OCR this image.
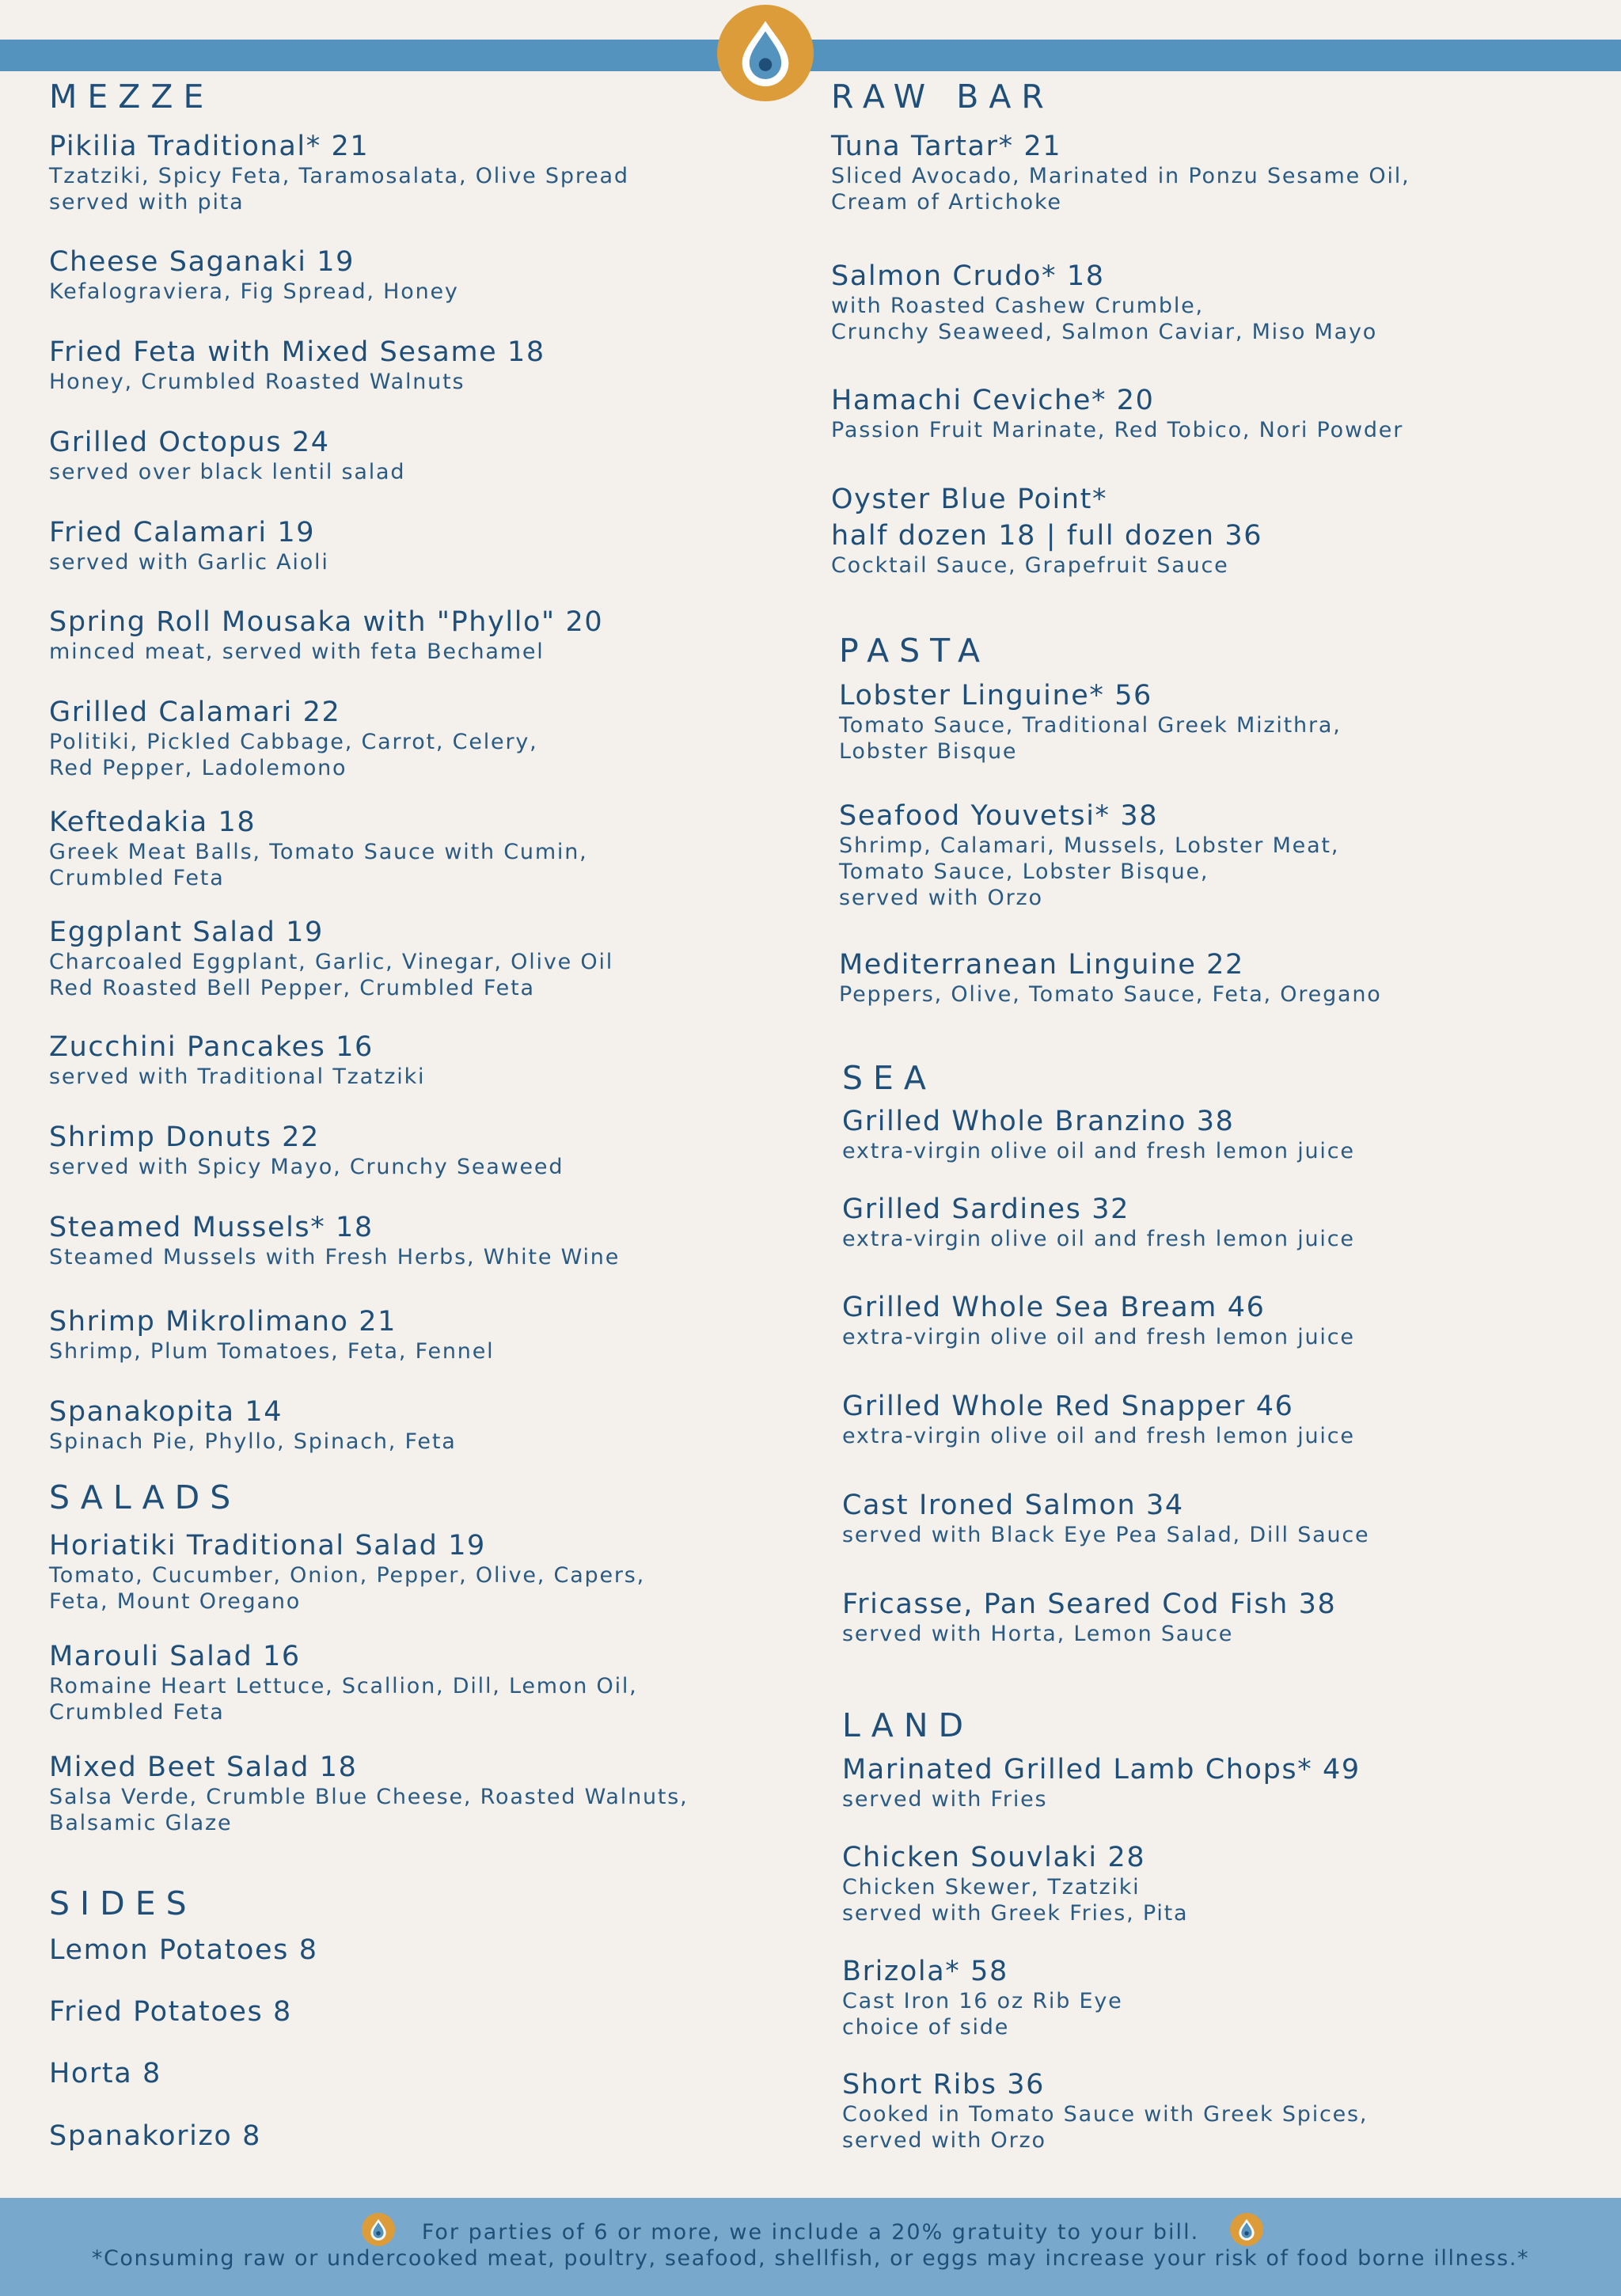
MEZZE
Pikilia Traditional* 21
Tzatziki, Spicy Feta, Taramosalata, Olive Spread
served with pita
Cheese Saganaki 19
Kefalograviera, Fig Spread, Honey
Fried Feta with Mixed Sesame 18
Honey, Crumbled Roasted Walnuts
Grilled Octopus 24
served over black lentil salad
Fried Calamari 19
served with Garlic Aioli
Spring Roll Mousaka with "Phyllo" 20
minced meat, served with feta Bechamel
Grilled Calamari 22
Politiki, Pickled Cabbage, Carrot, Celery,
Red Pepper, Ladolemono
Keftedakia 18
Greek Meat Balls, Tomato Sauce with Cumin,
Crumbled Feta
Eggplant Salad 19
Charcoaled Eggplant, Garlic, Vinegar, Olive Oil
Red Roasted Bell Pepper, Crumbled Feta
Zucchini Pancakes 16
served with Traditional Tzatziki
Shrimp Donuts 22
served with Spicy Mayo, Crunchy Seaweed
Steamed Mussels* 18
Steamed Mussels with Fresh Herbs, White Wine
Shrimp Mikrolimano 21
Shrimp, Plum Tomatoes, Feta, Fennel
Spanakopita 14
Spinach Pie, Phyllo, Spinach, Feta
SALADS
Horiatiki Traditional Salad 19
Tomato, Cucumber, Onion, Pepper, Olive, Capers,
Feta, Mount Oregano
Marouli Salad 16
Romaine Heart Lettuce, Scallion, Dill, Lemon Oil,
Crumbled Feta
Mixed Beet Salad 18
Salsa Verde, Crumble Blue Cheese, Roasted Walnuts,
Balsamic Glaze
SIDES
Lemon Potatoes 8
Fried Potatoes 8
Horta 8
Spanakorizo 8
RAW BAR
Tuna Tartar* 21
Sliced Avocado, Marinated in Ponzu Sesame Oil,
Cream of Artichoke
Salmon Crudo* 18
with Roasted Cashew Crumble,
Crunchy Seaweed, Salmon Caviar, Miso Mayo
Hamachi Ceviche* 20
Passion Fruit Marinate, Red Tobico, Nori Powder
Oyster Blue Point*
half dozen 18 | full dozen 36
Cocktail Sauce, Grapefruit Sauce
PASTA
Lobster Linguine* 56
Tomato Sauce, Traditional Greek Mizithra,
Lobster Bisque
Seafood Youvetsi* 38
Shrimp, Calamari, Mussels, Lobster Meat,
Tomato Sauce, Lobster Bisque,
served with Orzo
Mediterranean Linguine 22
Peppers, Olive, Tomato Sauce, Feta, Oregano
SEA
Grilled Whole Branzino 38
extra-virgin olive oil and fresh lemon juice
Grilled Sardines 32
extra-virgin olive oil and fresh lemon juice
Grilled Whole Sea Bream 46
extra-virgin olive oil and fresh lemon juice
Grilled Whole Red Snapper 46
extra-virgin olive oil and fresh lemon juice
Cast Ironed Salmon 34
served with Black Eye Pea Salad, Dill Sauce
Fricasse, Pan Seared Cod Fish 38
served with Horta, Lemon Sauce
LAND
Marinated Grilled Lamb Chops* 49
served with Fries
Chicken Souvlaki 28
Chicken Skewer, Tzatziki
served with Greek Fries, Pita
Brizola* 58
Cast Iron 16 oz Rib Eye
choice of side
Short Ribs 36
Cooked in Tomato Sauce with Greek Spices,
served with Orzo
For parties of 6 or more, we include a 20% gratuity to your bill.
*Consuming raw or undercooked meat, poultry, seafood, shellfish, or eggs may increase your risk of food borne illness.*
